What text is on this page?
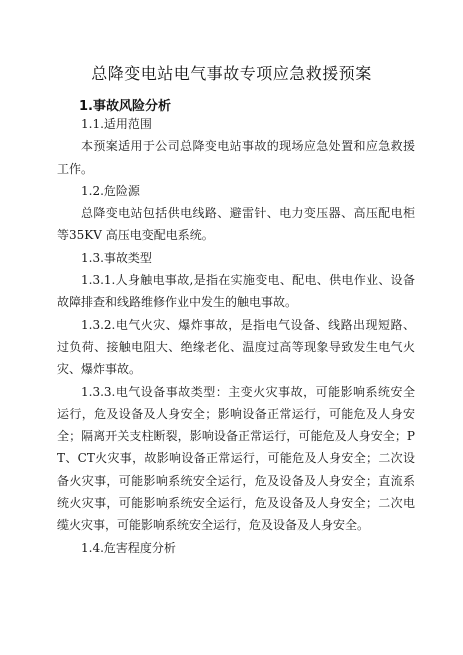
总降变电站电气事故专项应急救援预案
1.事故风险分析

1.1.适用范围

本预案适用于公司总降变电站事故的现场应急处置和应急救援工作。

1.2.危险源

总降变电站包括供电线路、避雷针、电力变压器、高压配电柜等35KV 高压电变配电系统。

1.3.事故类型

1.3.1.人身触电事故,是指在实施变电、配电、供电作业、设备故障排查和线路维修作业中发生的触电事故。

1.3.2.电气火灾、爆炸事故，是指电气设备、线路出现短路、过负荷、接触电阻大、绝缘老化、温度过高等现象导致发生电气火灾、爆炸事故。

1.3.3.电气设备事故类型：主变火灾事故，可能影响系统安全运行，危及设备及人身安全；影响设备正常运行，可能危及人身安全；隔离开关支柱断裂，影响设备正常运行，可能危及人身安全；PT、CT火灾事，故影响设备正常运行，可能危及人身安全；二次设备火灾事，可能影响系统安全运行，危及设备及人身安全；直流系统火灾事，可能影响系统安全运行，危及设备及人身安全；二次电缆火灾事，可能影响系统安全运行，危及设备及人身安全。

1.4.危害程度分析
